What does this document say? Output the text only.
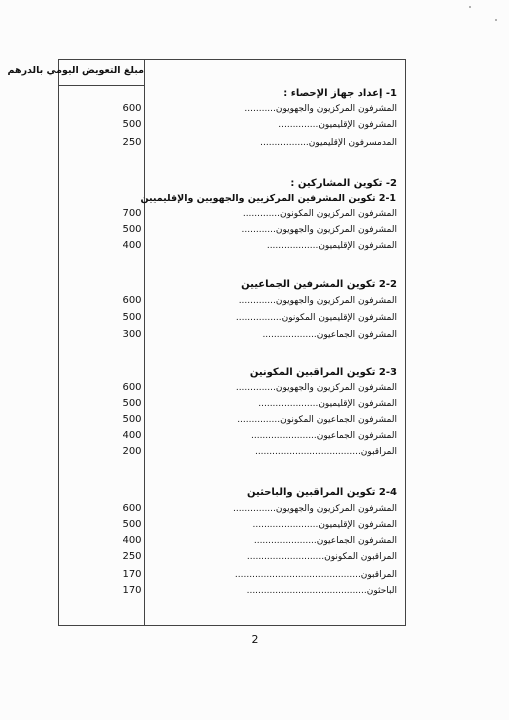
مبلغ التعويض اليومي بالدرهم
1- إعداد جهاز الإحصاء :
المشرفون المركزيون والجهويون...........
600
المشرفون الإقليميون..............
500
المدمسرفون الإقليميون.................
250
2- تكوين المشاركين :
2-1 تكوين المشرفين المركزيين والجهويين والإقليميين
المشرفون المركزيون المكونون.............
700
المشرفون المركزيون والجهويون............
500
المشرفون الإقليميون..................
400
2-2 تكوين المشرفين الجماعيين
المشرفون المركزيون والجهويون.............
600
المشرفون الإقليميون المكونون................
500
المشرفون الجماعيون...................
300
2-3 تكوين المراقبين المكونين
المشرفون المركزيون والجهويون..............
600
المشرفون الإقليميون.....................
500
المشرفون الجماعيون المكونون...............
500
المشرفون الجماعيون.......................
400
المراقبون.....................................
200
2-4 تكوين المراقبين والباحثين
المشرفون المركزيون والجهويون...............
600
المشرفون الإقليميون.......................
500
المشرفون الجماعيون......................
400
المراقبون المكونون...........................
250
المراقبون............................................
170
الباحثون..........................................
170
2
